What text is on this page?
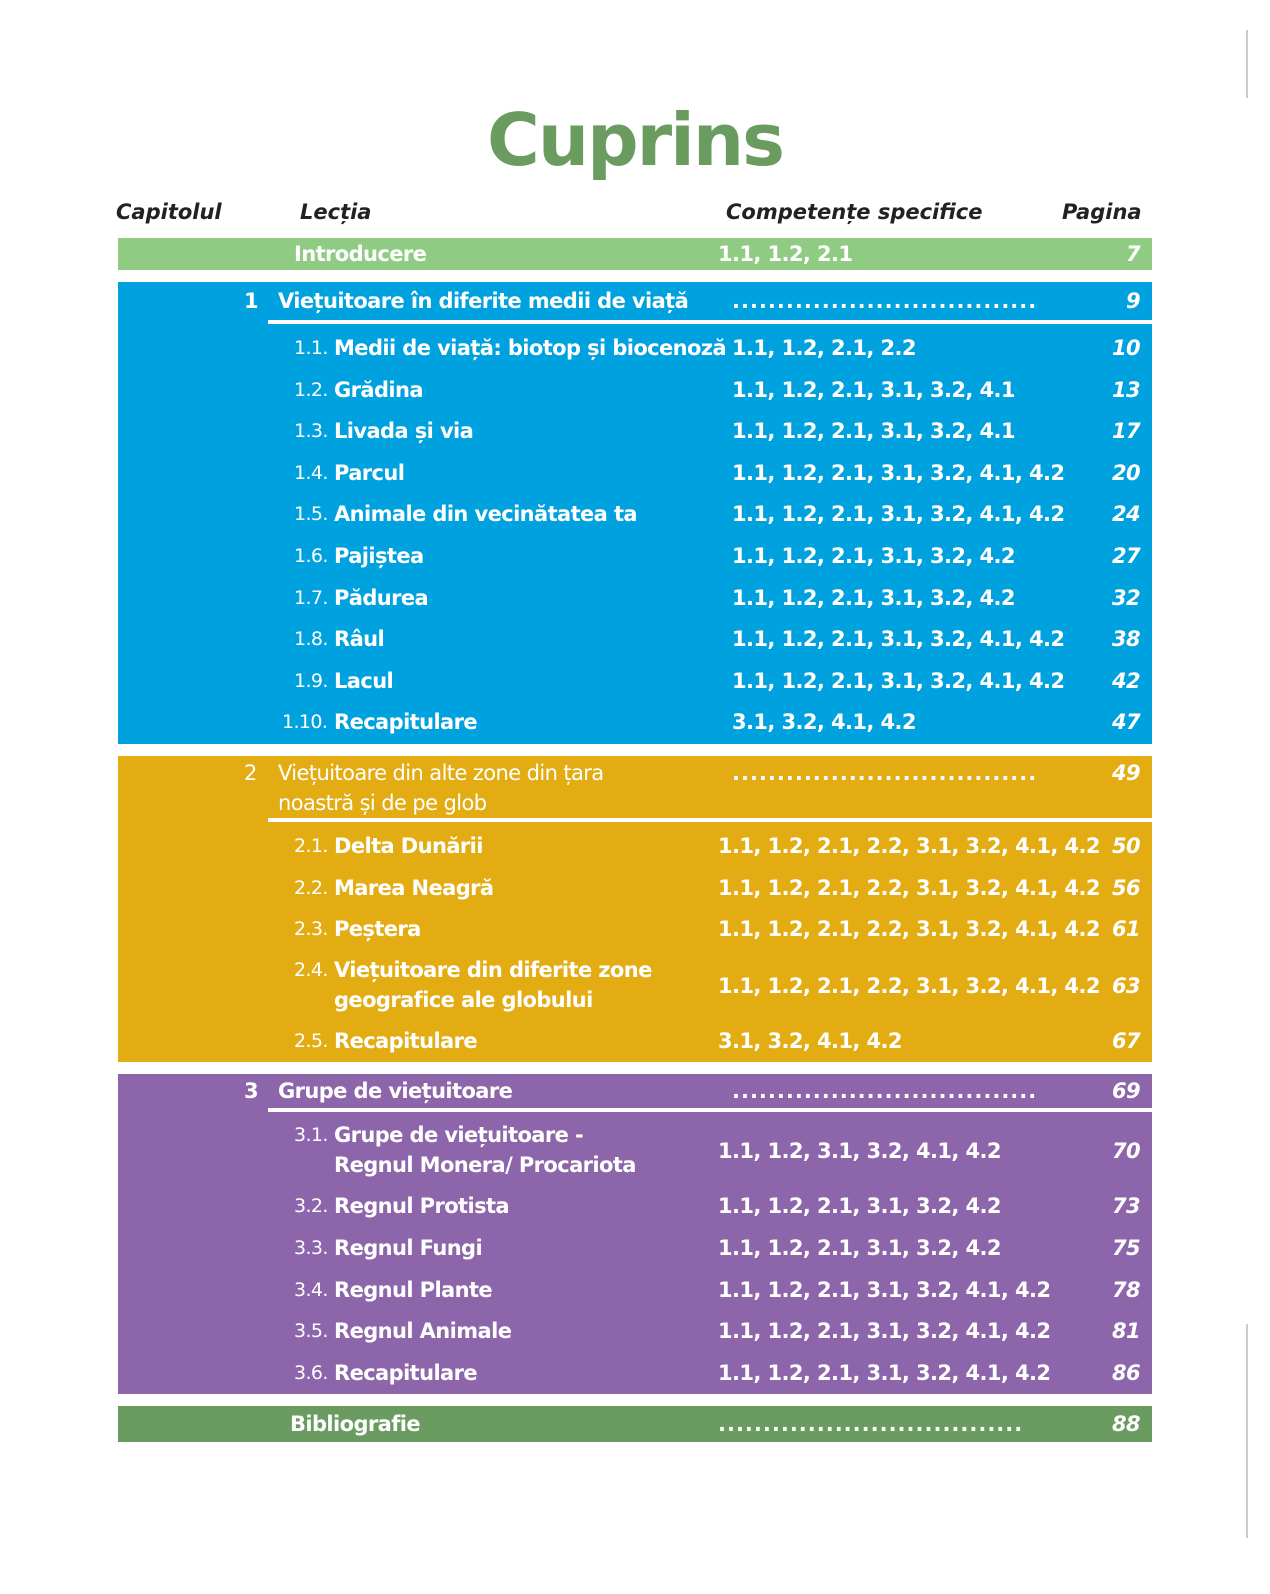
Cuprins
Capitolul	Lecția	Competențe specifice	Pagina
Introducere	1.1, 1.2, 2.1	7
1 Viețuitoare în diferite medii de viață ..................................	9
1.1. Medii de viață: biotop și biocenoză 1.1, 1.2, 2.1, 2.2	10
1.2. Grădina	1.1, 1.2, 2.1, 3.1, 3.2, 4.1	13
1.3. Livada și via	1.1, 1.2, 2.1, 3.1, 3.2, 4.1	17
1.4. Parcul	1.1, 1.2, 2.1, 3.1, 3.2, 4.1, 4.2 20
1.5. Animale din vecinătatea ta	1.1, 1.2, 2.1, 3.1, 3.2, 4.1, 4.2 24
1.6. Pajiștea	1.1, 1.2, 2.1, 3.1, 3.2, 4.2	27
1.7. Pădurea	1.1, 1.2, 2.1, 3.1, 3.2, 4.2	32
1.8. Râul	1.1, 1.2, 2.1, 3.1, 3.2, 4.1, 4.2 38
1.9. Lacul	1.1, 1.2, 2.1, 3.1, 3.2, 4.1, 4.2 42
1.10. Recapitulare	3.1, 3.2, 4.1, 4.2	47
2 Viețuitoare din alte zone din țara
noastră și de pe glob
..................................	49
2.1. Delta Dunării	1.1, 1.2, 2.1, 2.2, 3.1, 3.2, 4.1, 4.2 50
2.2. Marea Neagră	1.1, 1.2, 2.1, 2.2, 3.1, 3.2, 4.1, 4.2 56
2.3. Peștera	1.1, 1.2, 2.1, 2.2, 3.1, 3.2, 4.1, 4.2 61
2.4. Viețuitoare din diferite zone
geografice ale globului
1.1, 1.2, 2.1, 2.2, 3.1, 3.2, 4.1, 4.2 63
2.5. Recapitulare	3.1, 3.2, 4.1, 4.2	67
3 Grupe de viețuitoare	..................................	69
3.1. Grupe de viețuitoare -
Regnul Monera/ Procariota
1.1, 1.2, 3.1, 3.2, 4.1, 4.2	70
3.2. Regnul Protista	1.1, 1.2, 2.1, 3.1, 3.2, 4.2	73
3.3. Regnul Fungi	1.1, 1.2, 2.1, 3.1, 3.2, 4.2	75
3.4. Regnul Plante	1.1, 1.2, 2.1, 3.1, 3.2, 4.1, 4.2	78
3.5. Regnul Animale	1.1, 1.2, 2.1, 3.1, 3.2, 4.1, 4.2	81
3.6. Recapitulare	1.1, 1.2, 2.1, 3.1, 3.2, 4.1, 4.2	86
Bibliografie	..................................	88
